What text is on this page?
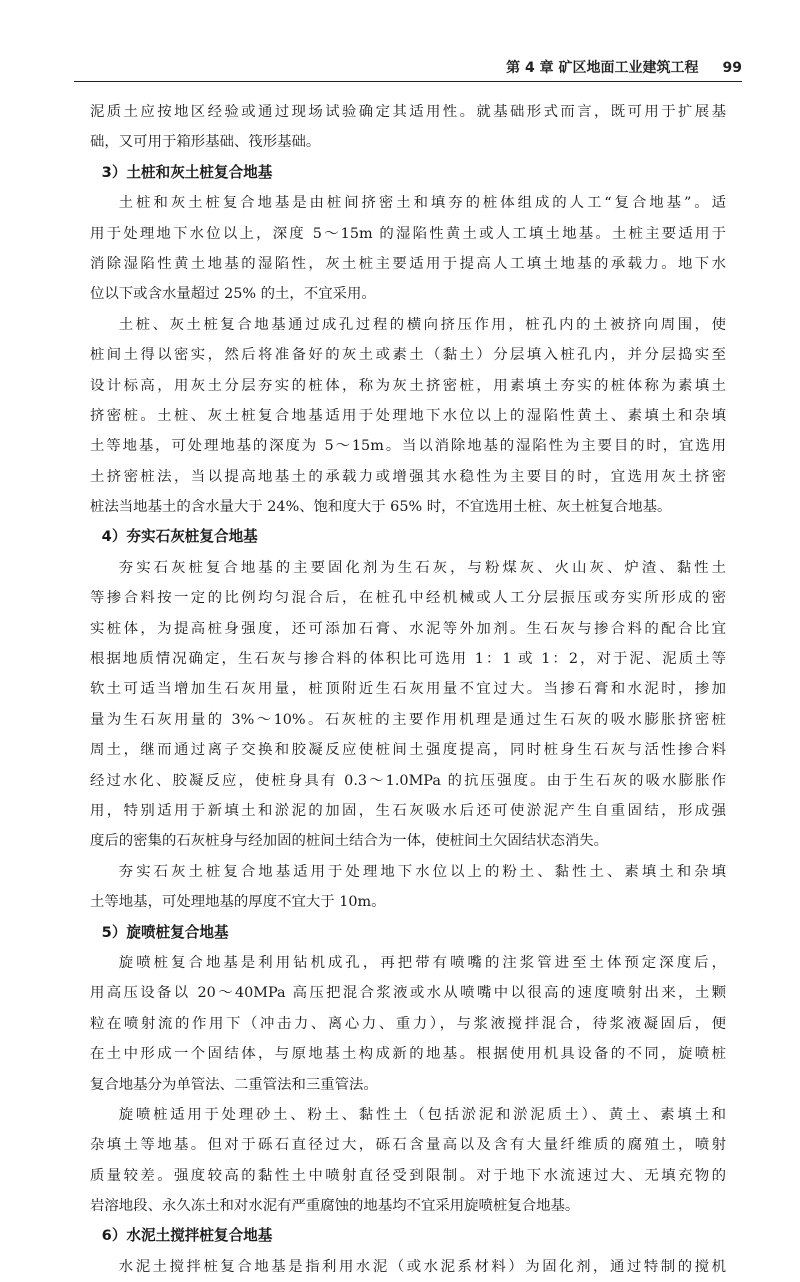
第 4 章 矿区地面工业建筑工程 99
泥质土应按地区经验或通过现场试验确定其适用性。就基础形式而言，既可用于扩展基
础，又可用于箱形基础、筏形基础。
3）土桩和灰土桩复合地基
土桩和灰土桩复合地基是由桩间挤密土和填夯的桩体组成的人工“复合地基”。适
用于处理地下水位以上，深度 5～15m 的湿陷性黄土或人工填土地基。土桩主要适用于
消除湿陷性黄土地基的湿陷性，灰土桩主要适用于提高人工填土地基的承载力。地下水
位以下或含水量超过 25% 的土，不宜采用。
土桩、灰土桩复合地基通过成孔过程的横向挤压作用，桩孔内的土被挤向周围，使
桩间土得以密实，然后将准备好的灰土或素土（黏土）分层填入桩孔内，并分层捣实至
设计标高，用灰土分层夯实的桩体，称为灰土挤密桩，用素填土夯实的桩体称为素填土
挤密桩。土桩、灰土桩复合地基适用于处理地下水位以上的湿陷性黄土、素填土和杂填
土等地基，可处理地基的深度为 5～15m。当以消除地基的湿陷性为主要目的时，宜选用
土挤密桩法，当以提高地基土的承载力或增强其水稳性为主要目的时，宜选用灰土挤密
桩法当地基土的含水量大于 24%、饱和度大于 65% 时，不宜选用土桩、灰土桩复合地基。
4）夯实石灰桩复合地基
夯实石灰桩复合地基的主要固化剂为生石灰，与粉煤灰、火山灰、炉渣、黏性土
等掺合料按一定的比例均匀混合后，在桩孔中经机械或人工分层振压或夯实所形成的密
实桩体，为提高桩身强度，还可添加石膏、水泥等外加剂。生石灰与掺合料的配合比宜
根据地质情况确定，生石灰与掺合料的体积比可选用 1：1 或 1：2，对于泥、泥质土等
软土可适当增加生石灰用量，桩顶附近生石灰用量不宜过大。当掺石膏和水泥时，掺加
量为生石灰用量的 3%～10%。石灰桩的主要作用机理是通过生石灰的吸水膨胀挤密桩
周土，继而通过离子交换和胶凝反应使桩间土强度提高，同时桩身生石灰与活性掺合料
经过水化、胶凝反应，使桩身具有 0.3～1.0MPa 的抗压强度。由于生石灰的吸水膨胀作
用，特别适用于新填土和淤泥的加固，生石灰吸水后还可使淤泥产生自重固结，形成强
度后的密集的石灰桩身与经加固的桩间土结合为一体，使桩间土欠固结状态消失。
夯实石灰土桩复合地基适用于处理地下水位以上的粉土、黏性土、素填土和杂填
土等地基，可处理地基的厚度不宜大于 10m。
5）旋喷桩复合地基
旋喷桩复合地基是利用钻机成孔，再把带有喷嘴的注浆管进至土体预定深度后，
用高压设备以 20～40MPa 高压把混合浆液或水从喷嘴中以很高的速度喷射出来，土颗
粒在喷射流的作用下（冲击力、离心力、重力），与浆液搅拌混合，待浆液凝固后，便
在土中形成一个固结体，与原地基土构成新的地基。根据使用机具设备的不同，旋喷桩
复合地基分为单管法、二重管法和三重管法。
旋喷桩适用于处理砂土、粉土、黏性土（包括淤泥和淤泥质土）、黄土、素填土和
杂填土等地基。但对于砾石直径过大，砾石含量高以及含有大量纤维质的腐殖土，喷射
质量较差。强度较高的黏性土中喷射直径受到限制。对于地下水流速过大、无填充物的
岩溶地段、永久冻土和对水泥有严重腐蚀的地基均不宜采用旋喷桩复合地基。
6）水泥土搅拌桩复合地基
水泥土搅拌桩复合地基是指利用水泥（或水泥系材料）为固化剂，通过特制的搅机
